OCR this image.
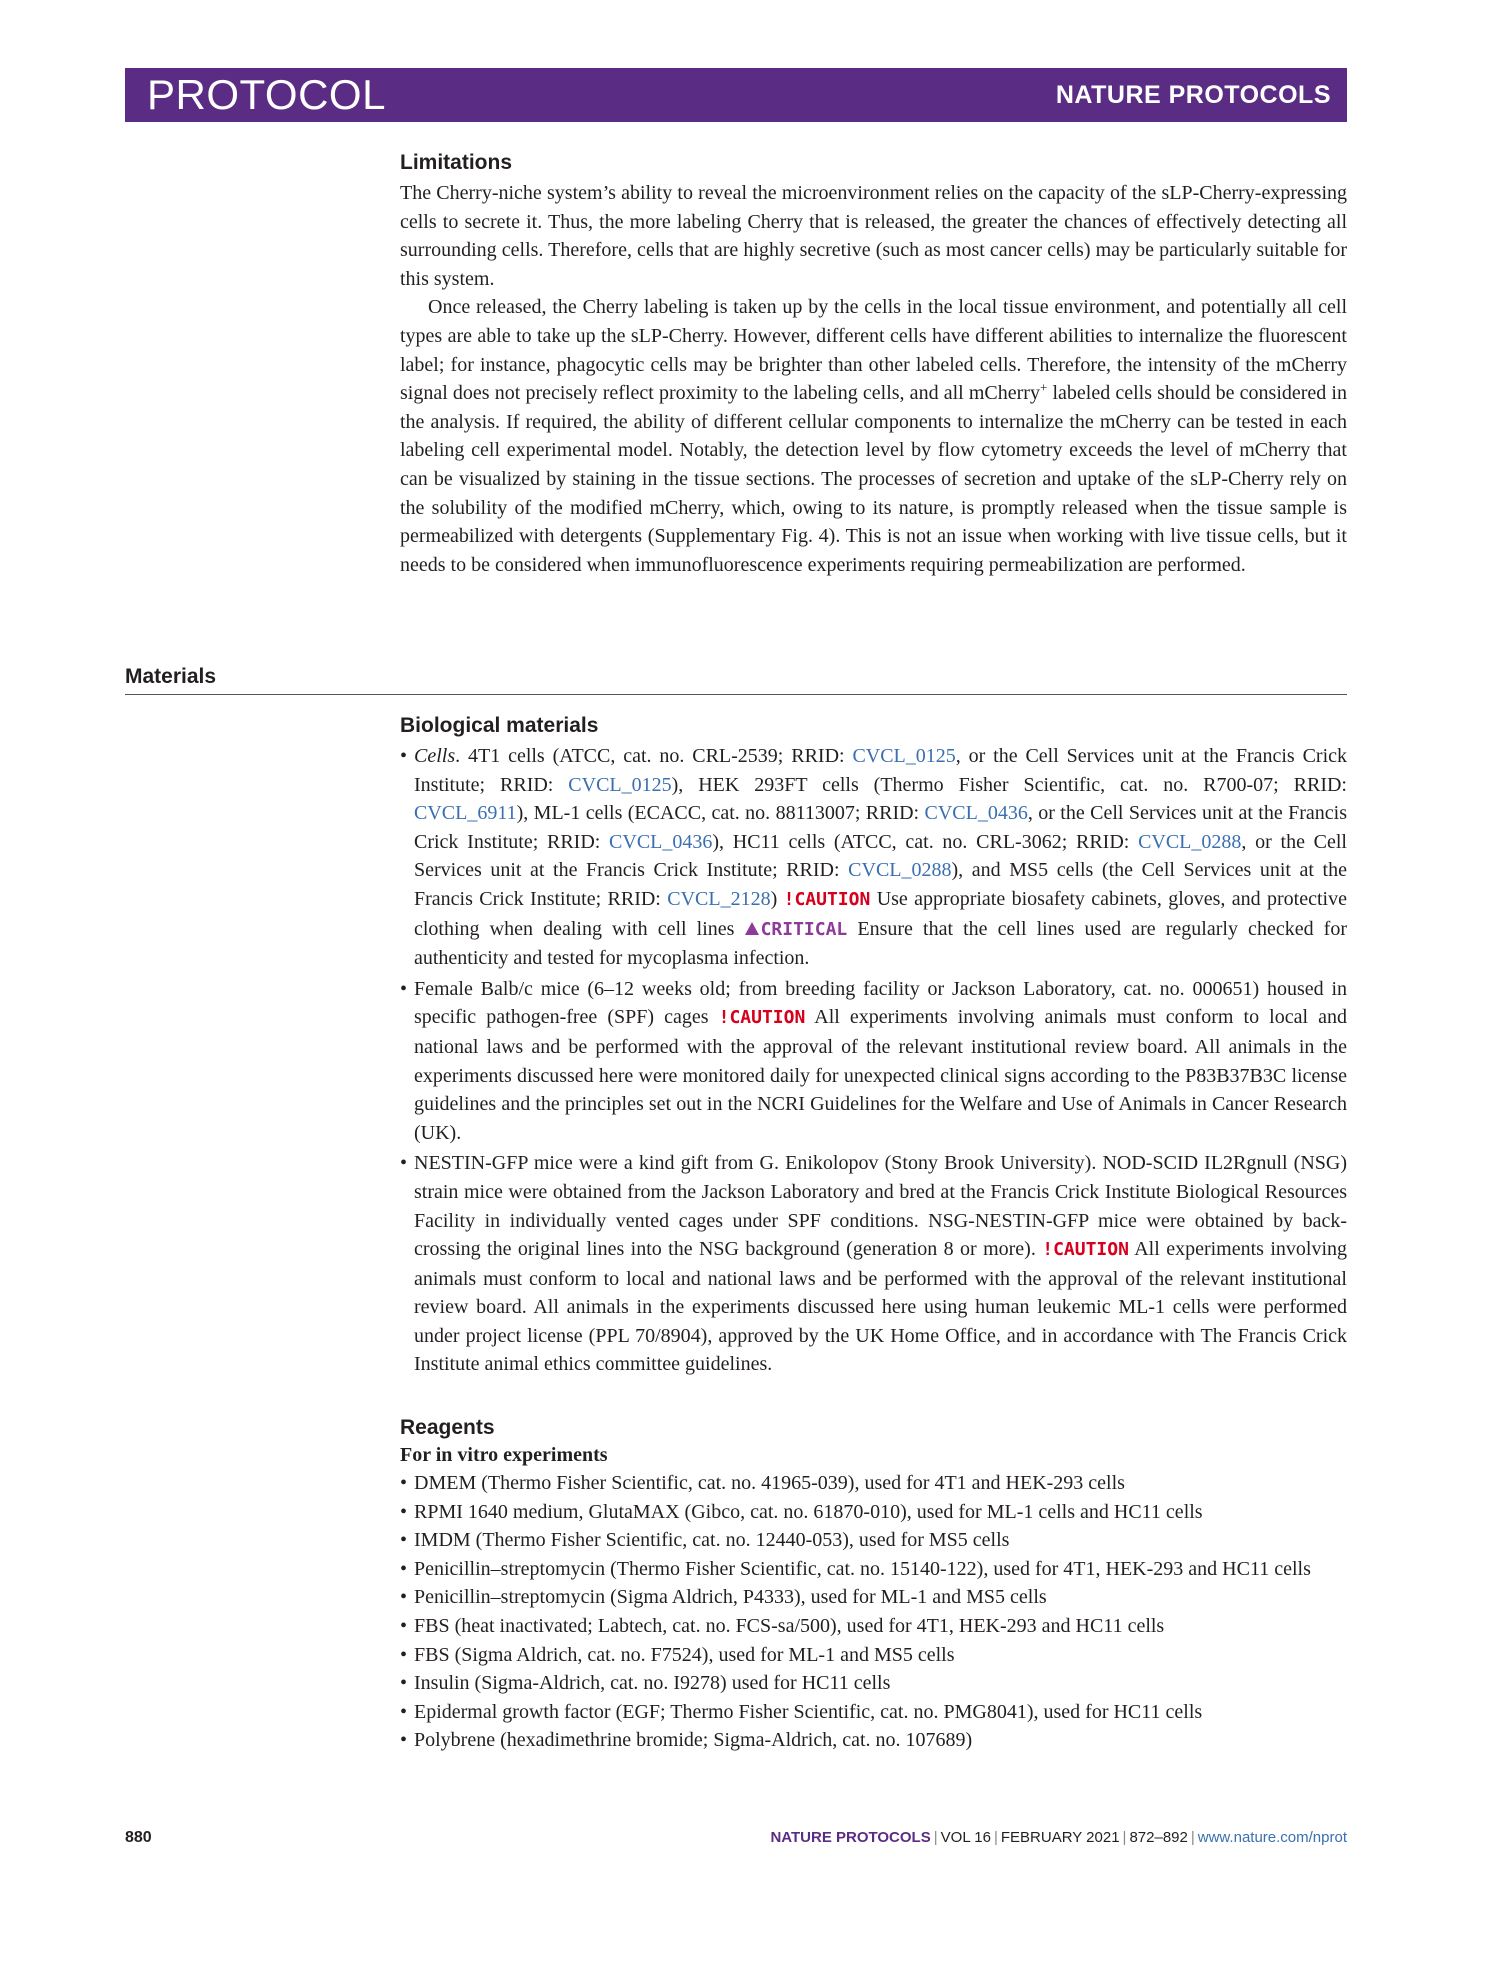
PROTOCOL	NATURE PROTOCOLS
Limitations

The Cherry-niche system’s ability to reveal the microenvironment relies on the capacity of the sLP-Cherry-expressing cells to secrete it. Thus, the more labeling Cherry that is released, the greater the chances of effectively detecting all surrounding cells. Therefore, cells that are highly secretive (such as most cancer cells) may be particularly suitable for this system.

Once released, the Cherry labeling is taken up by the cells in the local tissue environment, and potentially all cell types are able to take up the sLP-Cherry. However, different cells have different abilities to internalize the fluorescent label; for instance, phagocytic cells may be brighter than other labeled cells. Therefore, the intensity of the mCherry signal does not precisely reflect proximity to the labeling cells, and all mCherry+ labeled cells should be considered in the analysis. If required, the ability of different cellular components to internalize the mCherry can be tested in each labeling cell experimental model. Notably, the detection level by flow cytometry exceeds the level of mCherry that can be visualized by staining in the tissue sections. The processes of secretion and uptake of the sLP-Cherry rely on the solubility of the modified mCherry, which, owing to its nature, is promptly released when the tissue sample is permeabilized with detergents (Supplementary Fig. 4). This is not an issue when working with live tissue cells, but it needs to be considered when immunofluorescence experiments requiring permeabilization are performed.

Materials
Biological materials
• Cells. 4T1 cells (ATCC, cat. no. CRL-2539; RRID: CVCL_0125, or the Cell Services unit at the Francis Crick Institute; RRID: CVCL_0125), HEK 293FT cells (Thermo Fisher Scientific, cat. no. R700-07; RRID: CVCL_6911), ML-1 cells (ECACC, cat. no. 88113007; RRID: CVCL_0436, or the Cell Services unit at the Francis Crick Institute; RRID: CVCL_0436), HC11 cells (ATCC, cat. no. CRL-3062; RRID: CVCL_0288, or the Cell Services unit at the Francis Crick Institute; RRID: CVCL_0288), and MS5 cells (the Cell Services unit at the Francis Crick Institute; RRID: CVCL_2128) !CAUTION Use appropriate biosafety cabinets, gloves, and protective clothing when dealing with cell lines CRITICAL Ensure that the cell lines used are regularly checked for authenticity and tested for mycoplasma infection.
• Female Balb/c mice (6–12 weeks old; from breeding facility or Jackson Laboratory, cat. no. 000651) housed in specific pathogen-free (SPF) cages !CAUTION All experiments involving animals must conform to local and national laws and be performed with the approval of the relevant institutional review board. All animals in the experiments discussed here were monitored daily for unexpected clinical signs according to the P83B37B3C license guidelines and the principles set out in the NCRI Guidelines for the Welfare and Use of Animals in Cancer Research (UK).
• NESTIN-GFP mice were a kind gift from G. Enikolopov (Stony Brook University). NOD-SCID IL2Rgnull (NSG) strain mice were obtained from the Jackson Laboratory and bred at the Francis Crick Institute Biological Resources Facility in individually vented cages under SPF conditions. NSG-NESTIN-GFP mice were obtained by back-crossing the original lines into the NSG background (generation 8 or more). !CAUTION All experiments involving animals must conform to local and national laws and be performed with the approval of the relevant institutional review board. All animals in the experiments discussed here using human leukemic ML-1 cells were performed under project license (PPL 70/8904), approved by the UK Home Office, and in accordance with The Francis Crick Institute animal ethics committee guidelines.
Reagents
For in vitro experiments
• DMEM (Thermo Fisher Scientific, cat. no. 41965-039), used for 4T1 and HEK-293 cells
• RPMI 1640 medium, GlutaMAX (Gibco, cat. no. 61870-010), used for ML-1 cells and HC11 cells
• IMDM (Thermo Fisher Scientific, cat. no. 12440-053), used for MS5 cells
• Penicillin–streptomycin (Thermo Fisher Scientific, cat. no. 15140-122), used for 4T1, HEK-293 and HC11 cells
• Penicillin–streptomycin (Sigma Aldrich, P4333), used for ML-1 and MS5 cells
• FBS (heat inactivated; Labtech, cat. no. FCS-sa/500), used for 4T1, HEK-293 and HC11 cells
• FBS (Sigma Aldrich, cat. no. F7524), used for ML-1 and MS5 cells
• Insulin (Sigma-Aldrich, cat. no. I9278) used for HC11 cells
• Epidermal growth factor (EGF; Thermo Fisher Scientific, cat. no. PMG8041), used for HC11 cells
• Polybrene (hexadimethrine bromide; Sigma-Aldrich, cat. no. 107689)
880	NATURE PROTOCOLS | VOL 16 | FEBRUARY 2021 | 872–892 | www.nature.com/nprot
